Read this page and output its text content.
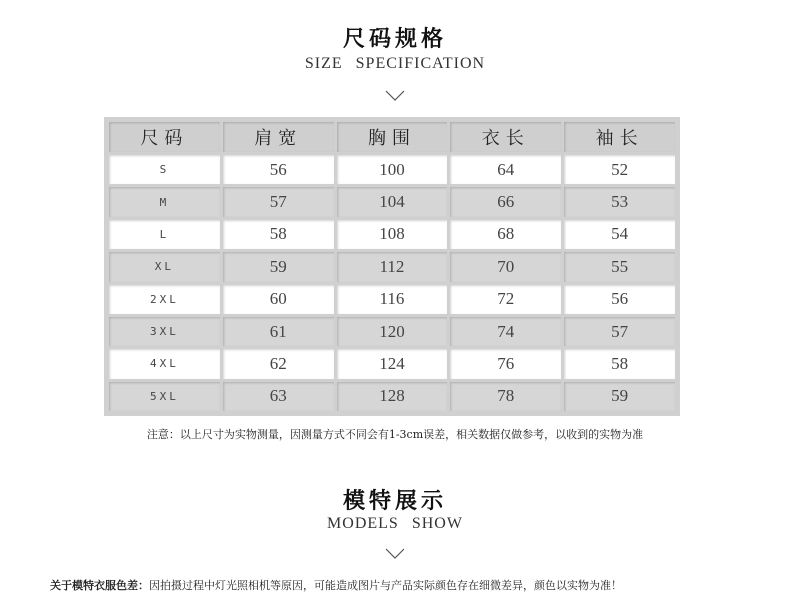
尺码规格
SIZE SPECIFICATION
尺码	肩宽	胸围	衣长	袖长
S	56	100	64	52
M	57	104	66	53
L	58	108	68	54
XL	59	112	70	55
2XL	60	116	72	56
3XL	61	120	74	57
4XL	62	124	76	58
5XL	63	128	78	59
注意：以上尺寸为实物测量，因测量方式不同会有1-3cm误差，相关数据仅做参考，以收到的实物为准
模特展示
MODELS SHOW
关于模特衣服色差：因拍摄过程中灯光照相机等原因，可能造成图片与产品实际颜色存在细微差异，颜色以实物为准！
